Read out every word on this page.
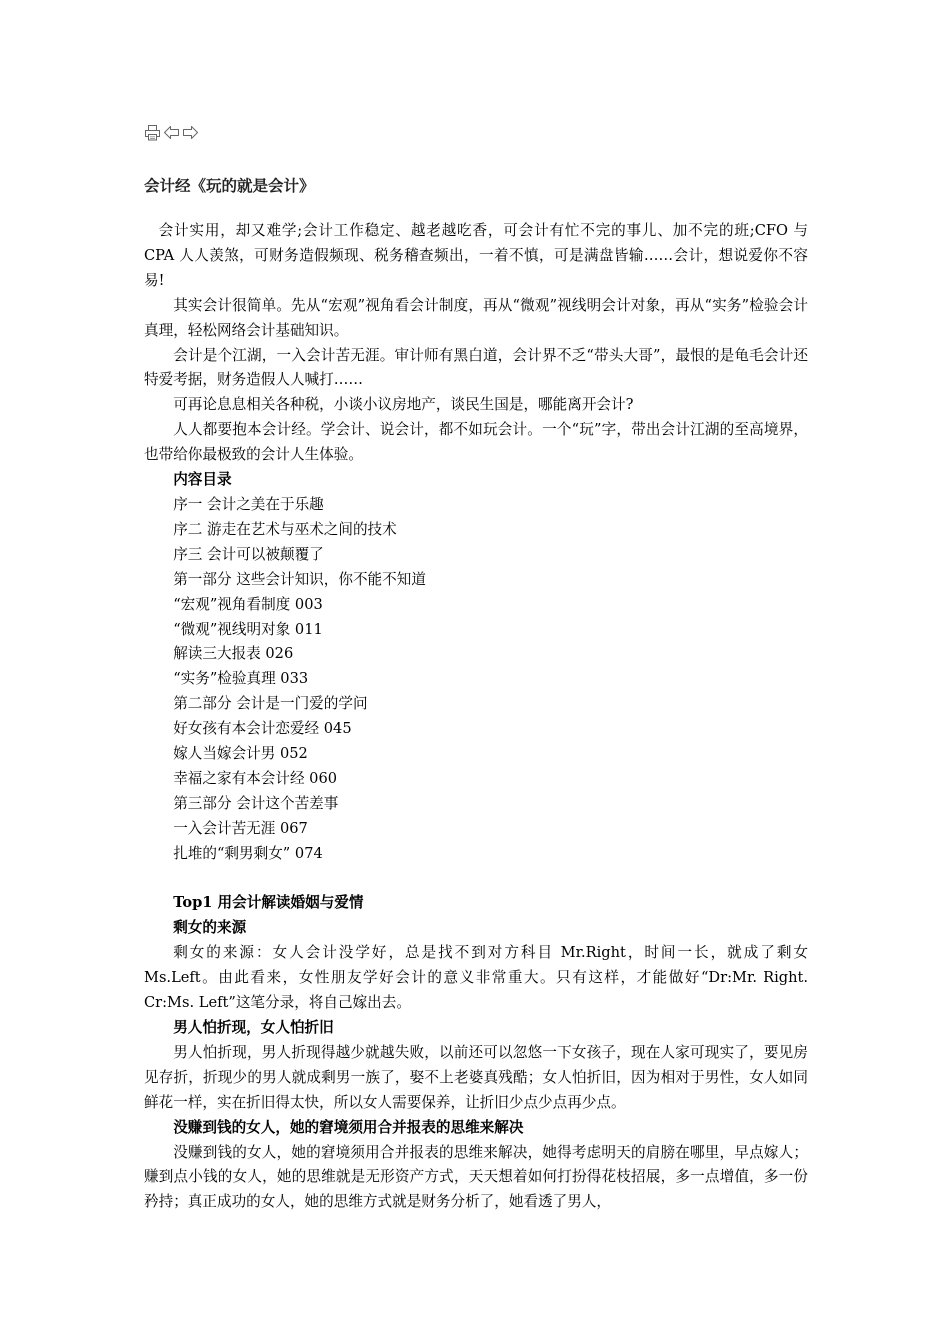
会计经《玩的就是会计》

会计实用，却又难学;会计工作稳定、越老越吃香，可会计有忙不完的事儿、加不完的班;CFO 与 CPA 人人羡煞，可财务造假频现、税务稽查频出，一着不慎，可是满盘皆输……会计，想说爱你不容易!

其实会计很简单。先从“宏观”视角看会计制度，再从“微观”视线明会计对象，再从“实务”检验会计真理，轻松网络会计基础知识。

会计是个江湖，一入会计苦无涯。审计师有黑白道，会计界不乏“带头大哥”，最恨的是龟毛会计还特爱考据，财务造假人人喊打……

可再论息息相关各种税，小谈小议房地产，谈民生国是，哪能离开会计?

人人都要抱本会计经。学会计、说会计，都不如玩会计。一个“玩”字，带出会计江湖的至高境界，也带给你最极致的会计人生体验。

内容目录

序一 会计之美在于乐趣

序二 游走在艺术与巫术之间的技术

序三 会计可以被颠覆了

第一部分 这些会计知识，你不能不知道

“宏观”视角看制度 003

“微观”视线明对象 011

解读三大报表 026

“实务”检验真理 033

第二部分 会计是一门爱的学问

好女孩有本会计恋爱经 045

嫁人当嫁会计男 052

幸福之家有本会计经 060

第三部分 会计这个苦差事

一入会计苦无涯 067

扎堆的“剩男剩女” 074

Top1 用会计解读婚姻与爱情

剩女的来源

剩女的来源：女人会计没学好，总是找不到对方科目 Mr.Right，时间一长，就成了剩女 Ms.Left。由此看来，女性朋友学好会计的意义非常重大。只有这样，才能做好“Dr:Mr. Right. Cr:Ms. Left”这笔分录，将自己嫁出去。

男人怕折现，女人怕折旧

男人怕折现，男人折现得越少就越失败，以前还可以忽悠一下女孩子，现在人家可现实了，要见房见存折，折现少的男人就成剩男一族了，娶不上老婆真残酷；女人怕折旧，因为相对于男性，女人如同鲜花一样，实在折旧得太快，所以女人需要保养，让折旧少点少点再少点。

没赚到钱的女人，她的窘境须用合并报表的思维来解决

没赚到钱的女人，她的窘境须用合并报表的思维来解决，她得考虑明天的肩膀在哪里，早点嫁人；赚到点小钱的女人，她的思维就是无形资产方式，天天想着如何打扮得花枝招展，多一点增值，多一份矜持；真正成功的女人，她的思维方式就是财务分析了，她看透了男人，
